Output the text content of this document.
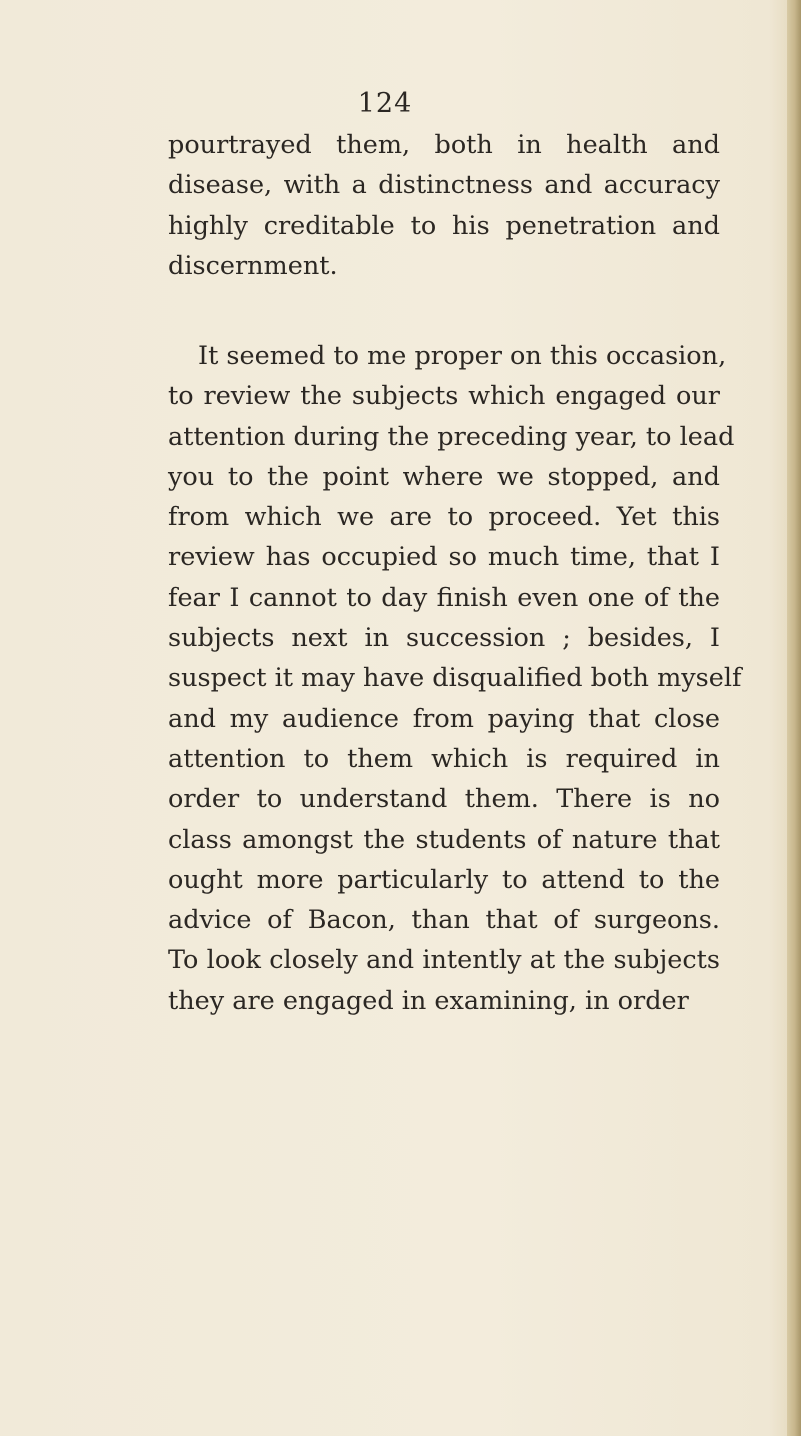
124

pourtrayed them, both in health and
disease, with a distinctness and accuracy
highly creditable to his penetration and
discernment.

It seemed to me proper on this occasion,
to review the subjects which engaged our
attention during the preceding year, to lead
you to the point where we stopped, and
from which we are to proceed. Yet this
review has occupied so much time, that I
fear I cannot to day finish even one of the
subjects next in succession ; besides, I
suspect it may have disqualified both myself
and my audience from paying that close
attention to them which is required in
order to understand them. There is no
class amongst the students of nature that
ought more particularly to attend to the
advice of Bacon, than that of surgeons.
To look closely and intently at the subjects
they are engaged in examining, in order
